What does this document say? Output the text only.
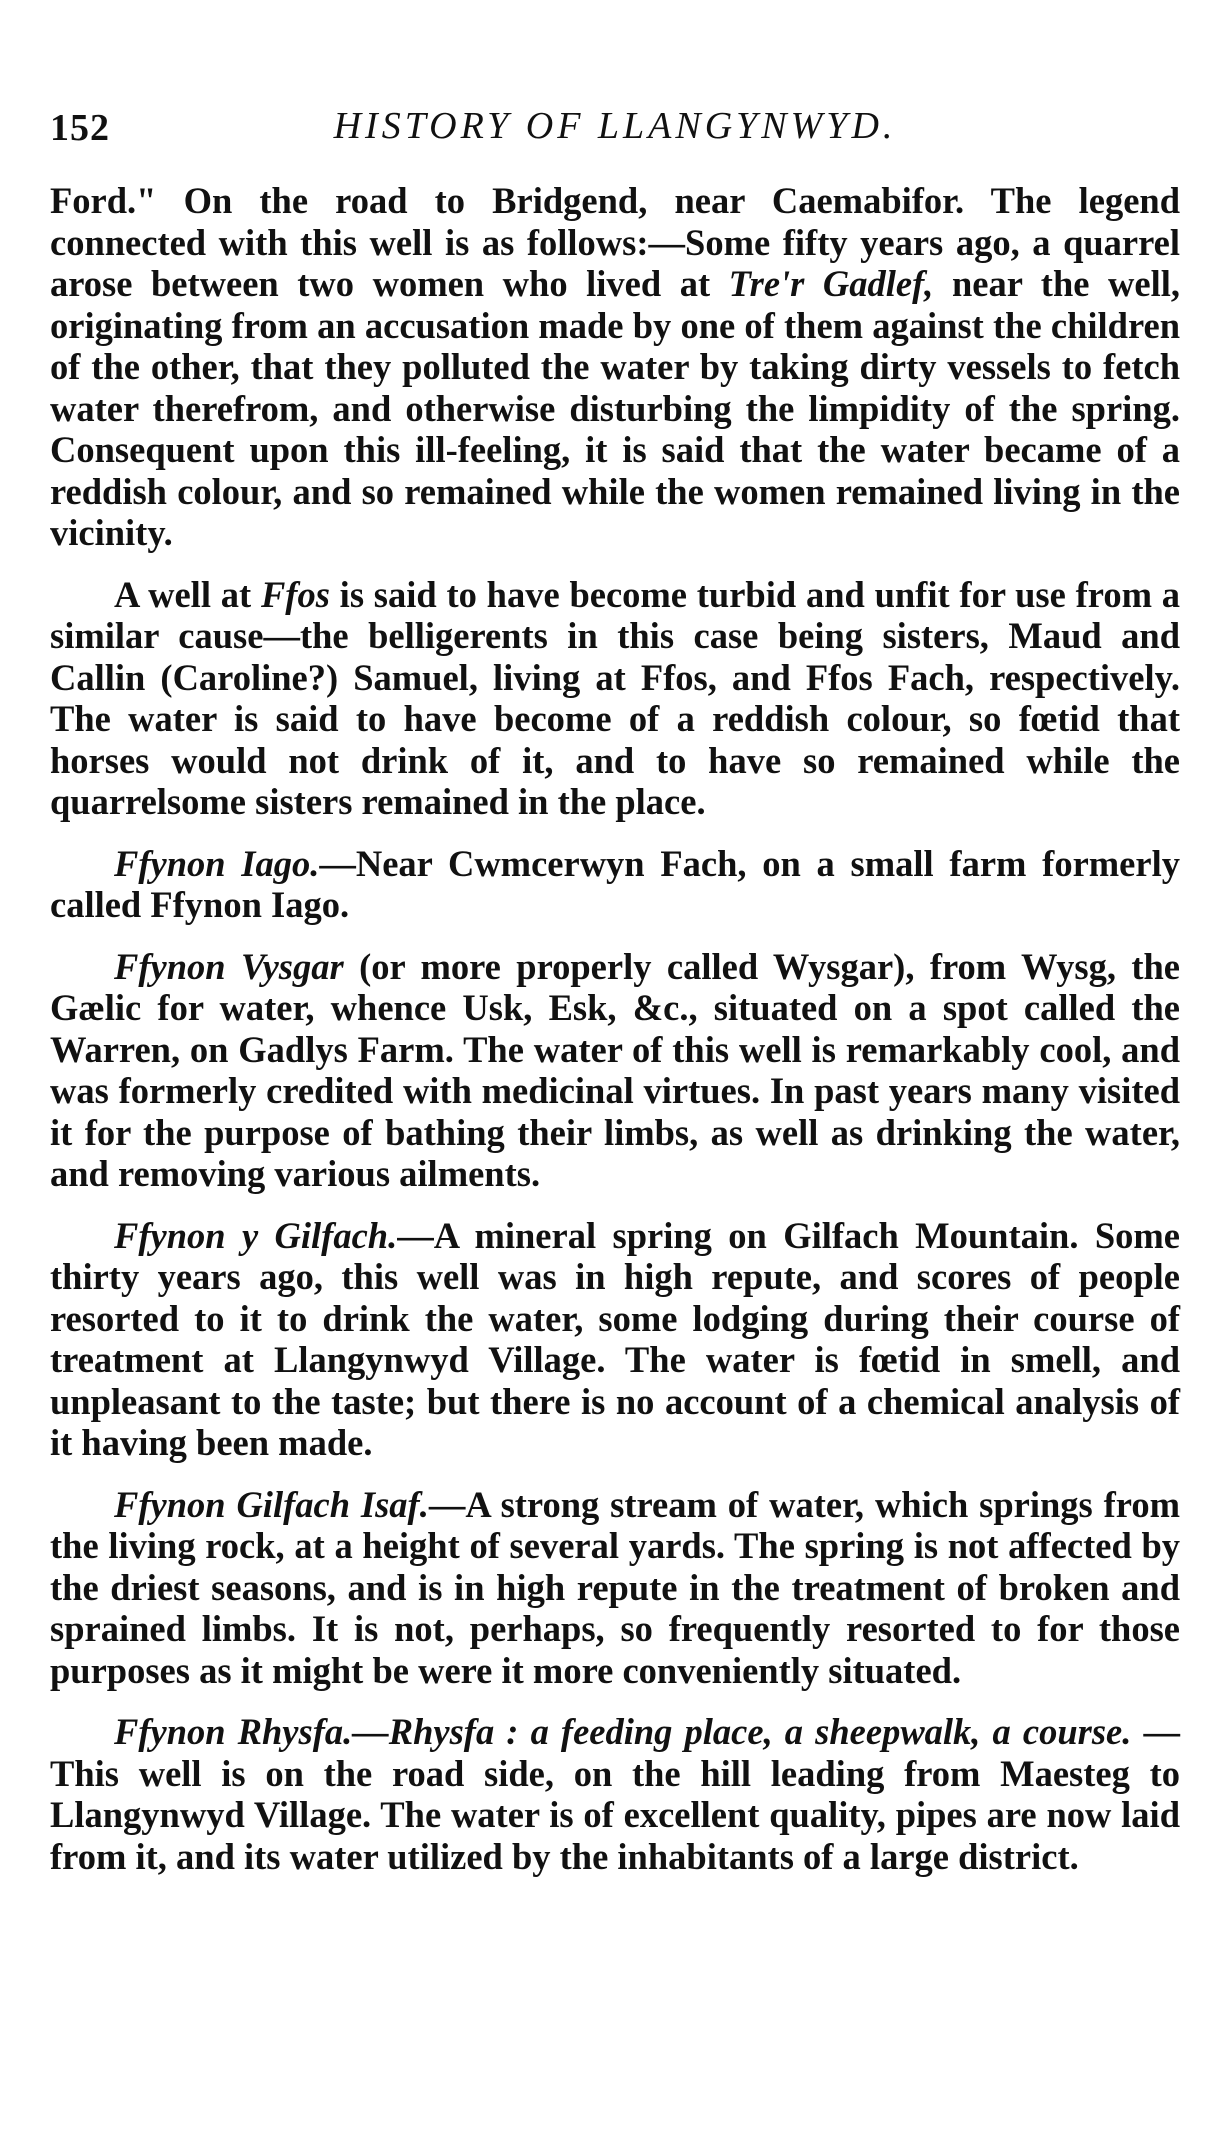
152	HISTORY OF LLANGYNWYD.

Ford." On the road to Bridgend, near Caemabifor. The legend connected with this well is as follows:—Some fifty years ago, a quarrel arose between two women who lived at Tre'r Gadlef, near the well, originating from an accusation made by one of them against the children of the other, that they polluted the water by taking dirty vessels to fetch water therefrom, and otherwise disturbing the limpidity of the spring. Consequent upon this ill-feeling, it is said that the water became of a reddish colour, and so remained while the women remained living in the vicinity.

A well at Ffos is said to have become turbid and unfit for use from a similar cause—the belligerents in this case being sisters, Maud and Callin (Caroline?) Samuel, living at Ffos, and Ffos Fach, respectively. The water is said to have become of a reddish colour, so fœtid that horses would not drink of it, and to have so remained while the quarrelsome sisters remained in the place.

Ffynon Iago.—Near Cwmcerwyn Fach, on a small farm formerly called Ffynon Iago.

Ffynon Vysgar (or more properly called Wysgar), from Wysg, the Gælic for water, whence Usk, Esk, &c., situated on a spot called the Warren, on Gadlys Farm. The water of this well is remarkably cool, and was formerly credited with medicinal virtues. In past years many visited it for the purpose of bathing their limbs, as well as drinking the water, and removing various ailments.

Ffynon y Gilfach.—A mineral spring on Gilfach Mountain. Some thirty years ago, this well was in high repute, and scores of people resorted to it to drink the water, some lodging during their course of treatment at Llangynwyd Village. The water is fœtid in smell, and unpleasant to the taste; but there is no account of a chemical analysis of it having been made.

Ffynon Gilfach Isaf.—A strong stream of water, which springs from the living rock, at a height of several yards. The spring is not affected by the driest seasons, and is in high repute in the treatment of broken and sprained limbs. It is not, perhaps, so frequently resorted to for those purposes as it might be were it more conveniently situated.

Ffynon Rhysfa.—Rhysfa : a feeding place, a sheepwalk, a course. —This well is on the road side, on the hill leading from Maesteg to Llangynwyd Village. The water is of excellent quality, pipes are now laid from it, and its water utilized by the inhabitants of a large district.
